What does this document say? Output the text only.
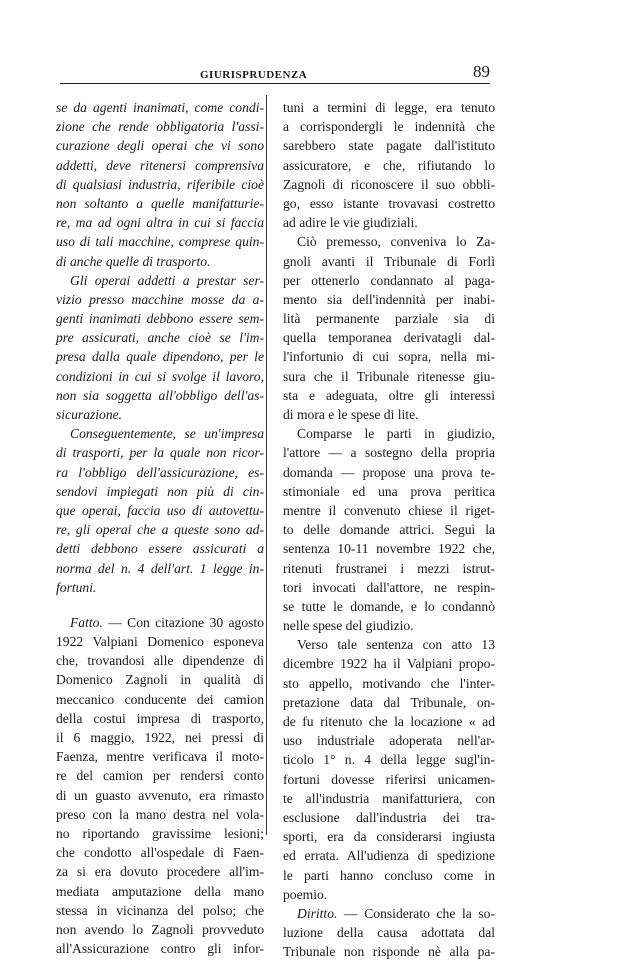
GIURISPRUDENZA	89
se da agenti inanimati, come condi-
zione che rende obbligatoria l'assi-
curazione degli operai che vi sono
addetti, deve ritenersi comprensiva
di qualsiasi industria, riferibile cioè
non soltanto a quelle manifatturie-
re, ma ad ogni altra in cui si faccia
uso di tali macchine, comprese quin-
di anche quelle di trasporto.
Gli operai addetti a prestar ser-
vizio presso macchine mosse da a-
genti inanimati debbono essere sem-
pre assicurati, anche cioè se l'im-
presa dalla quale dipendono, per le
condizioni in cui si svolge il lavoro,
non sia soggetta all'obbligo dell'as-
sicurazione.
Conseguentemente, se un'impresa
di trasporti, per la quale non ricor-
ra l'obbligo dell'assicurazione, es-
sendovi impiegati non più di cin-
que operai, faccia uso di autovettu-
re, gli operai che a queste sono ad-
detti debbono essere assicurati a
norma del n. 4 dell'art. 1 legge in-
fortuni.
Fatto. — Con citazione 30 agosto
1922 Valpiani Domenico esponeva
che, trovandosi alle dipendenze di
Domenico Zagnoli in qualità di
meccanico conducente dei camion
della costui impresa di trasporto,
il 6 maggio, 1922, nei pressi di
Faenza, mentre verificava il moto-
re del camion per rendersi conto
di un guasto avvenuto, era rimasto
preso con la mano destra nel vola-
no riportando gravissime lesioni;
che condotto all'ospedale di Faen-
za si era dovuto procedere all'im-
mediata amputazione della mano
stessa in vicinanza del polso; che
non avendo lo Zagnoli provveduto
all'Assicurazione contro gli infor-
tuni a termini di legge, era tenuto
a corrispondergli le indennità che
sarebbero state pagate dall'istituto
assicuratore, e che, rifiutando lo
Zagnoli di riconoscere il suo obbli-
go, esso istante trovavasi costretto
ad adire le vie giudiziali.
Ciò premesso, conveniva lo Za-
gnoli avanti il Tribunale di Forlì
per ottenerlo condannato al paga-
mento sia dell'indennità per inabi-
lità permanente parziale sia di
quella temporanea derivatagli dal-
l'infortunio di cui sopra, nella mi-
sura che il Tribunale ritenesse giu-
sta e adeguata, oltre gli interessi
di mora e le spese di lite.
Comparse le parti in giudizio,
l'attore — a sostegno della propria
domanda — propose una prova te-
stimoniale ed una prova peritica
mentre il convenuto chiese il riget-
to delle domande attrici. Seguì la
sentenza 10-11 novembre 1922 che,
ritenuti frustranei i mezzi istrut-
tori invocati dall'attore, ne respin-
se tutte le domande, e lo condannò
nelle spese del giudizio.
Verso tale sentenza con atto 13
dicembre 1922 ha il Valpiani propo-
sto appello, motivando che l'inter-
pretazione data dal Tribunale, on-
de fu ritenuto che la locazione « ad
uso industriale adoperata nell'ar-
ticolo 1° n. 4 della legge sugl'in-
fortuni dovesse riferirsi unicamen-
te all'industria manifatturiera, con
esclusione dall'industria dei tra-
sporti, era da considerarsi ingiusta
ed errata. All'udienza di spedizione
le parti hanno concluso come in
poemio.
Diritto. — Considerato che la so-
luzione della causa adottata dal
Tribunale non risponde nè alla pa-
